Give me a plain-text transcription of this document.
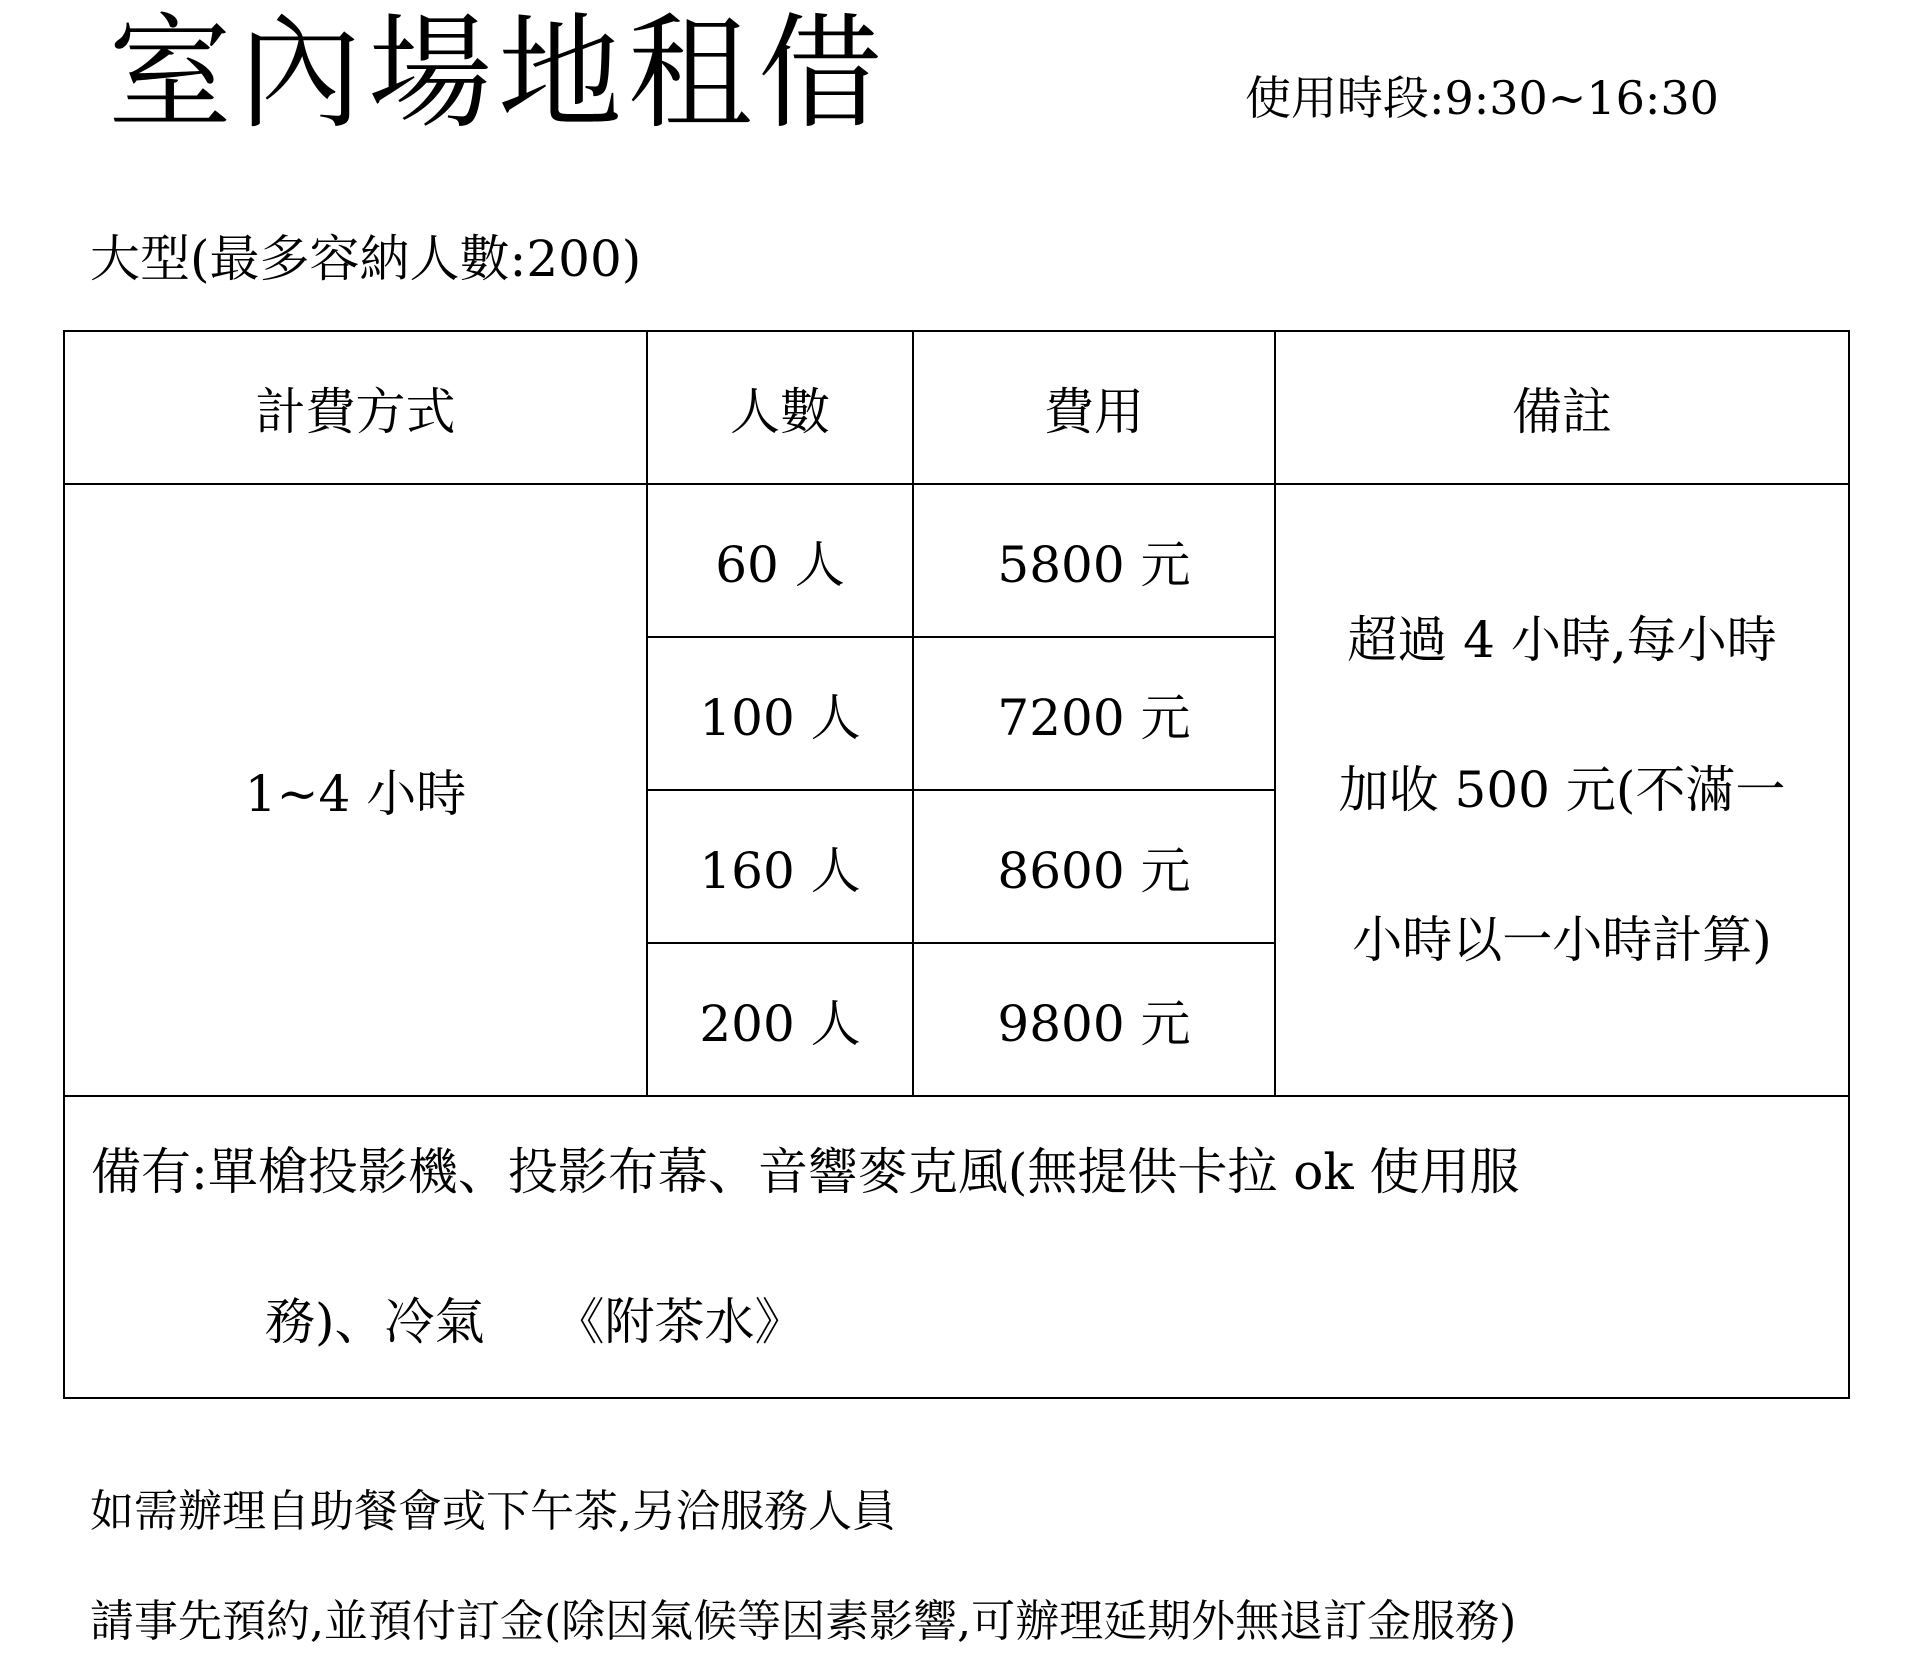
室內場地租借	使用時段:9:30~16:30
大型(最多容納人數:200)
計費方式	人數	費用	備註
1~4 小時	60 人	5800 元	超過 4 小時,每小時
加收 500 元(不滿一
小時以一小時計算)

	100 人	7200 元	
	160 人	8600 元	
	200 人	9800 元	

備有:單槍投影機、投影布幕、音響麥克風(無提供卡拉 ok 使用服
務)、冷氣 《附茶水》			
如需辦理自助餐會或下午茶,另洽服務人員
請事先預約,並預付訂金(除因氣候等因素影響,可辦理延期外無退訂金服務)
